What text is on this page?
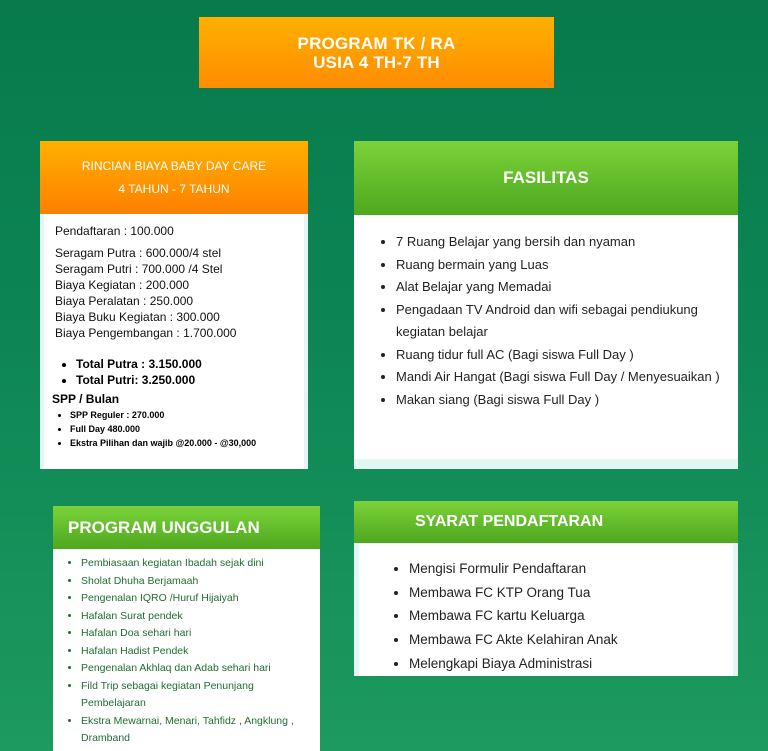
PROGRAM TK / RA
USIA 4 TH-7 TH
RINCIAN BIAYA BABY DAY CARE
4 TAHUN - 7 TAHUN
Pendaftaran : 100.000
Seragam Putra : 600.000/4 stel
Seragam Putri : 700.000 /4 Stel
Biaya Kegiatan : 200.000
Biaya Peralatan : 250.000
Biaya Buku Kegiatan : 300.000
Biaya Pengembangan : 1.700.000
• Total Putra : 3.150.000
• Total Putri: 3.250.000
SPP / Bulan
• SPP Reguler : 270.000
• Full Day 480.000
• Ekstra Pilihan dan wajib @20.000 - @30,000
FASILITAS
• 7 Ruang Belajar yang bersih dan nyaman
• Ruang bermain yang Luas
• Alat Belajar yang Memadai
• Pengadaan TV Android dan wifi sebagai pendiukung kegiatan belajar
• Ruang tidur full AC (Bagi siswa Full Day )
• Mandi Air Hangat (Bagi siswa Full Day / Menyesuaikan )
• Makan siang (Bagi siswa Full Day )
PROGRAM UNGGULAN
• Pembiasaan kegiatan Ibadah sejak dini
• Sholat Dhuha Berjamaah
• Pengenalan IQRO /Huruf Hijaiyah
• Hafalan Surat pendek
• Hafalan Doa sehari hari
• Hafalan Hadist Pendek
• Pengenalan Akhlaq dan Adab sehari hari
• Fild Trip sebagai kegiatan Penunjang Pembelajaran
• Ekstra Mewarnai, Menari, Tahfidz , Angklung , Dramband
SYARAT PENDAFTARAN
• Mengisi Formulir Pendaftaran
• Membawa FC KTP Orang Tua
• Membawa FC kartu Keluarga
• Membawa FC Akte Kelahiran Anak
• Melengkapi Biaya Administrasi
